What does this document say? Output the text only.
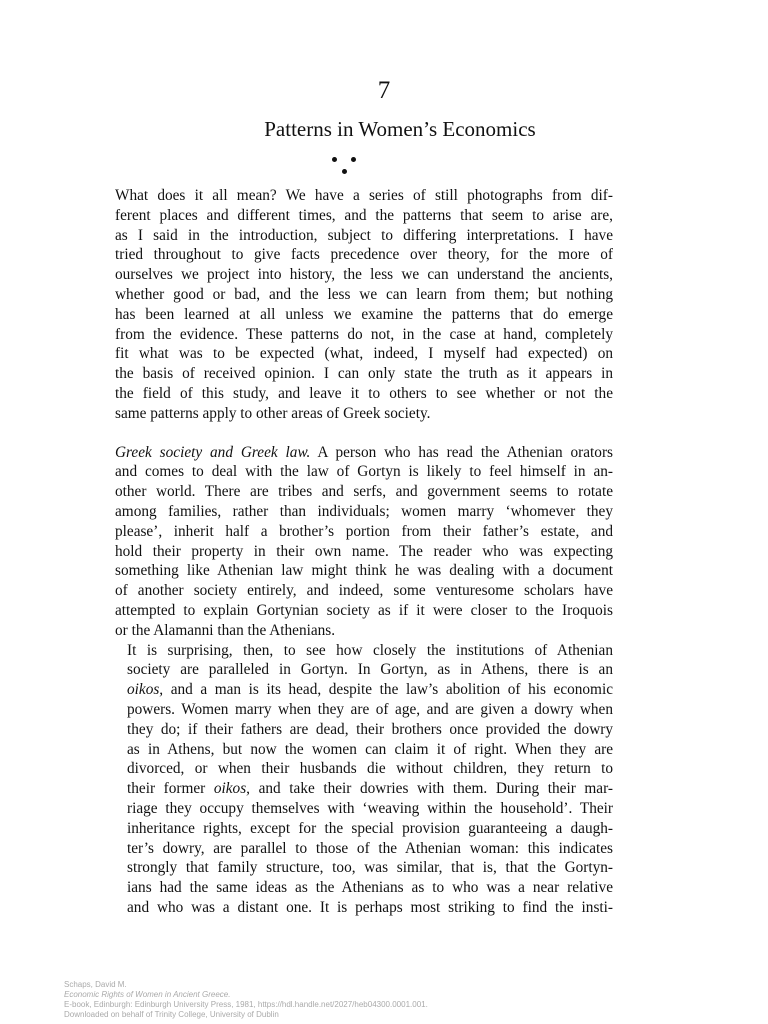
7
Patterns in Women’s Economics

What does it all mean? We have a series of still photographs from dif-
ferent places and different times, and the patterns that seem to arise are,
as I said in the introduction, subject to differing interpretations. I have
tried throughout to give facts precedence over theory, for the more of
ourselves we project into history, the less we can understand the ancients,
whether good or bad, and the less we can learn from them; but nothing
has been learned at all unless we examine the patterns that do emerge
from the evidence. These patterns do not, in the case at hand, completely
fit what was to be expected (what, indeed, I myself had expected) on
the basis of received opinion. I can only state the truth as it appears in
the field of this study, and leave it to others to see whether or not the
same patterns apply to other areas of Greek society.

Greek society and Greek law. A person who has read the Athenian orators
and comes to deal with the law of Gortyn is likely to feel himself in an-
other world. There are tribes and serfs, and government seems to rotate
among families, rather than individuals; women marry ‘whomever they
please’, inherit half a brother’s portion from their father’s estate, and
hold their property in their own name. The reader who was expecting
something like Athenian law might think he was dealing with a document
of another society entirely, and indeed, some venturesome scholars have
attempted to explain Gortynian society as if it were closer to the Iroquois
or the Alamanni than the Athenians.

It is surprising, then, to see how closely the institutions of Athenian
society are paralleled in Gortyn. In Gortyn, as in Athens, there is an
oikos, and a man is its head, despite the law’s abolition of his economic
powers. Women marry when they are of age, and are given a dowry when
they do; if their fathers are dead, their brothers once provided the dowry
as in Athens, but now the women can claim it of right. When they are
divorced, or when their husbands die without children, they return to
their former oikos, and take their dowries with them. During their mar-
riage they occupy themselves with ‘weaving within the household’. Their
inheritance rights, except for the special provision guaranteeing a daugh-
ter’s dowry, are parallel to those of the Athenian woman: this indicates
strongly that family structure, too, was similar, that is, that the Gortyn-
ians had the same ideas as the Athenians as to who was a near relative
and who was a distant one. It is perhaps most striking to find the insti-

Schaps, David M.
Economic Rights of Women in Ancient Greece.
E-book, Edinburgh: Edinburgh University Press, 1981, https://hdl.handle.net/2027/heb04300.0001.001.
Downloaded on behalf of Trinity College, University of Dublin
